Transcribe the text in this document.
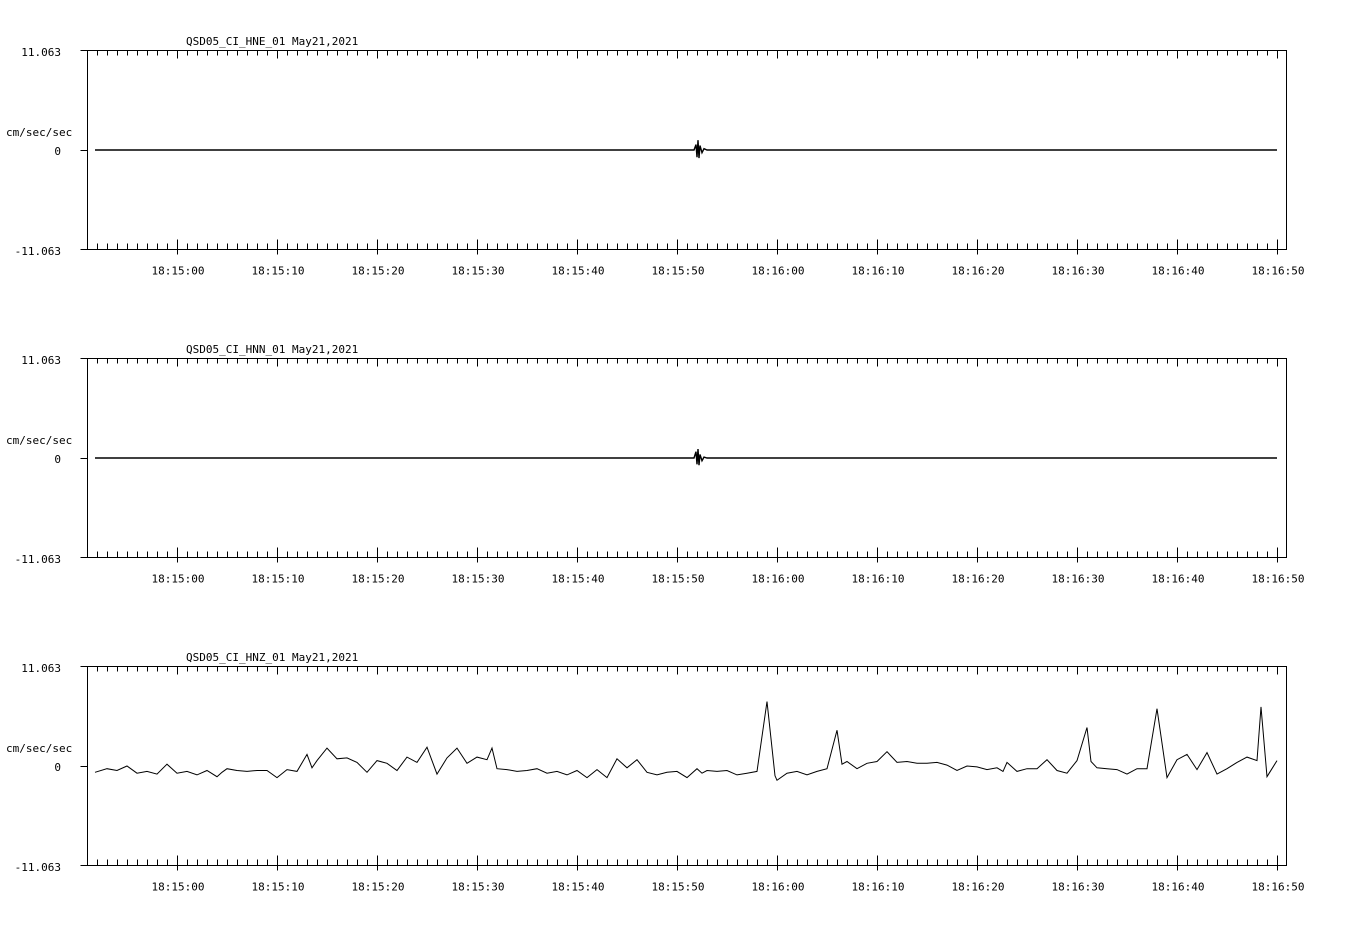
QSD05_CI_HNE_01 May21,2021
cm/sec/sec
11.063
0
-11.063
18:15:00	18:15:10	18:15:20	18:15:30	18:15:40	18:15:50	18:16:00	18:16:10	18:16:20	18:16:30	18:16:40	18:16:50
QSD05_CI_HNN_01 May21,2021
cm/sec/sec
11.063
0
-11.063
18:15:00	18:15:10	18:15:20	18:15:30	18:15:40	18:15:50	18:16:00	18:16:10	18:16:20	18:16:30	18:16:40	18:16:50
QSD05_CI_HNZ_01 May21,2021
cm/sec/sec
11.063
0
-11.063
18:15:00	18:15:10	18:15:20	18:15:30	18:15:40	18:15:50	18:16:00	18:16:10	18:16:20	18:16:30	18:16:40	18:16:50
